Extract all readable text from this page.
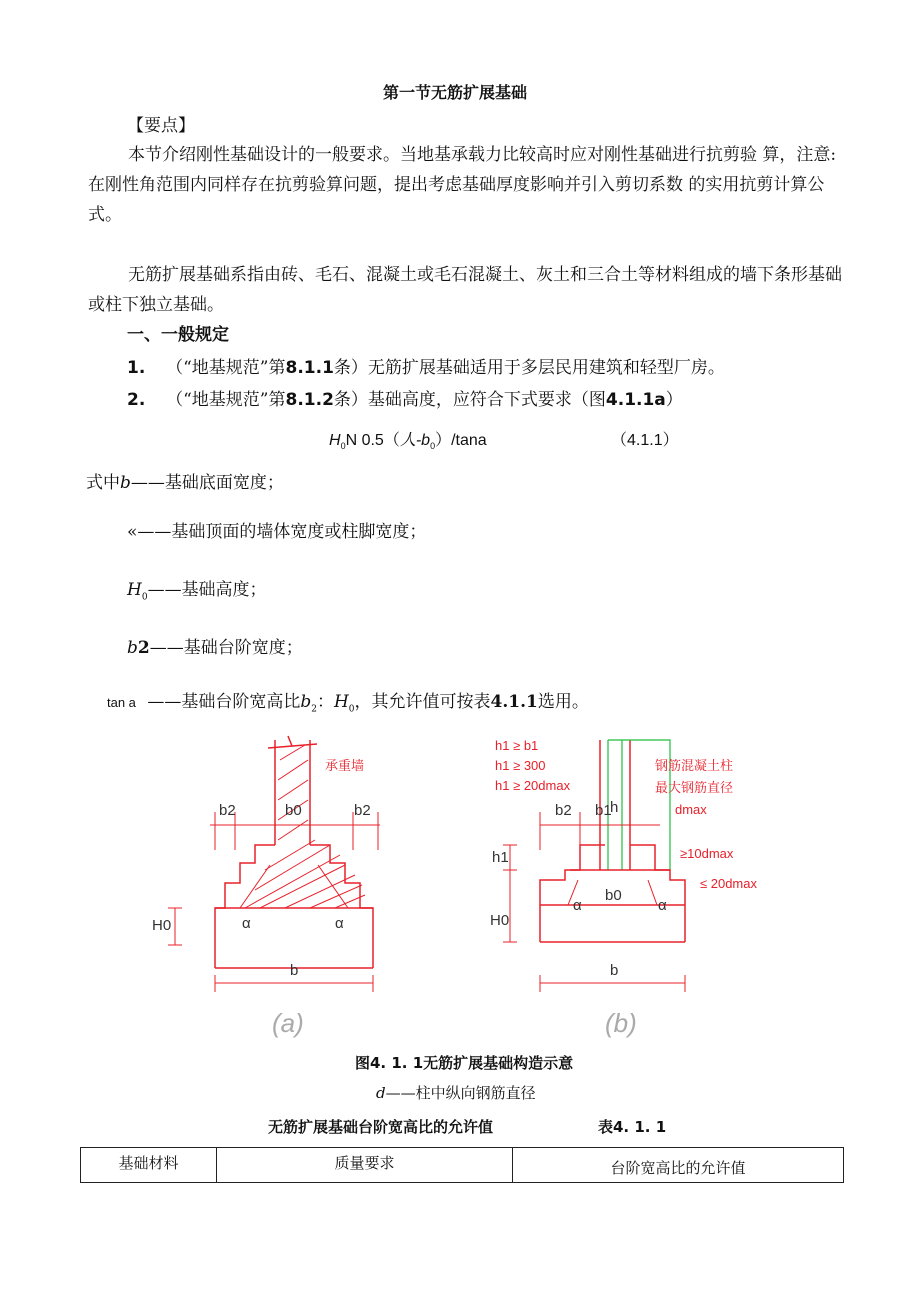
第一节无筋扩展基础
【要点】
本节介绍刚性基础设计的一般要求。当地基承载力比较高时应对刚性基础进行抗剪验 算，注意: 在刚性角范围内同样存在抗剪验算问题，提出考虑基础厚度影响并引入剪切系数 的实用抗剪计算公式。
无筋扩展基础系指由砖、毛石、混凝土或毛石混凝土、灰土和三合土等材料组成的墙下条形基础或柱下独立基础。
一、一般规定
1. （“地基规范”第8.1.1条）无筋扩展基础适用于多层民用建筑和轻型厂房。
2. （“地基规范”第8.1.2条）基础高度，应符合下式要求（图4.1.1a）
$H_0N$ 0.5（⼈$-b_0$）/tana	（4.1.1）
式中b——基础底面宽度；
«——基础顶面的墙体宽度或柱脚宽度；
$H_0——$基础高度；
b2——基础台阶宽度；
tan a ——基础台阶宽高比$b_2$：$H_0$，其允许值可按表4.1.1选用。
承重墙
b2	b0	b2
H0	α	α
b
(a)
h1 ≥ b1
h1 ≥ 300
h1 ≥ 20dmax
钢筋混凝土柱
最大钢筋直径
dmax
b2 b1
h
h1	≥10dmax
≤ 20dmax
H0
α	α
b0
b
(b)
图4. 1. 1无筋扩展基础构造示意
d——柱中纵向钢筋直径
无筋扩展基础台阶宽高比的允许值	表4. 1. 1
基础材料	质量要求	台阶宽高比的允许值
